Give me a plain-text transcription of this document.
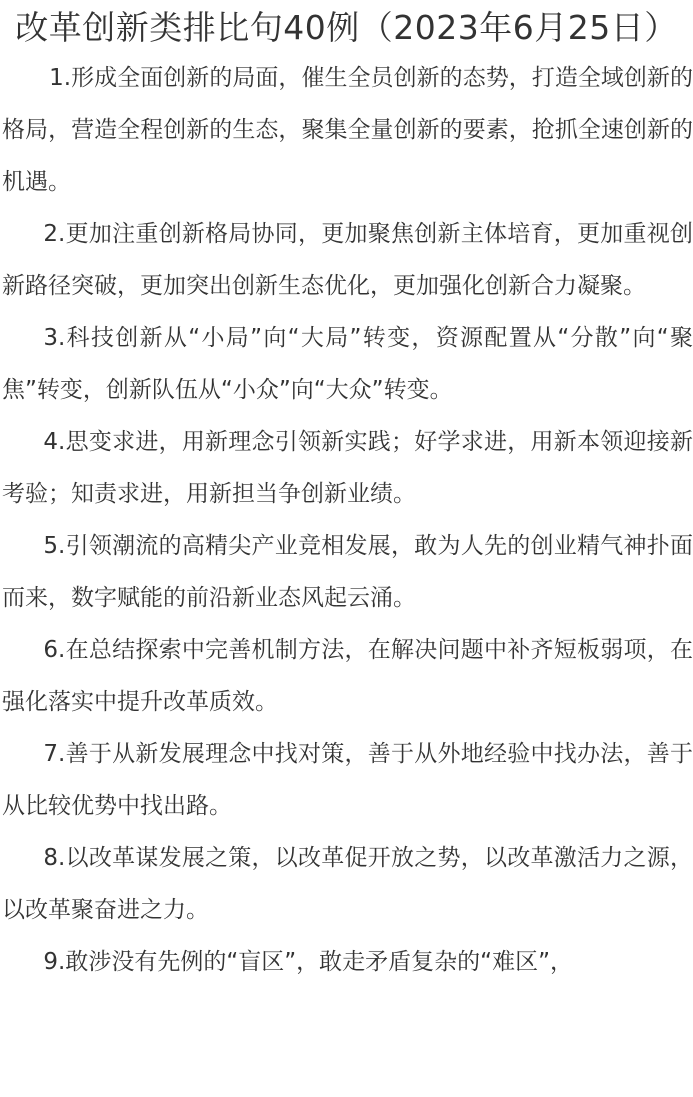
改革创新类排比句40例（2023年6月25日）

1.形成全面创新的局面，催生全员创新的态势，打造全域创新的格局，营造全程创新的生态，聚集全量创新的要素，抢抓全速创新的机遇。

2.更加注重创新格局协同，更加聚焦创新主体培育，更加重视创新路径突破，更加突出创新生态优化，更加强化创新合力凝聚。

3.科技创新从“小局”向“大局”转变，资源配置从“分散”向“聚焦”转变，创新队伍从“小众”向“大众”转变。

4.思变求进，用新理念引领新实践；好学求进，用新本领迎接新考验；知责求进，用新担当争创新业绩。

5.引领潮流的高精尖产业竞相发展，敢为人先的创业精气神扑面而来，数字赋能的前沿新业态风起云涌。

6.在总结探索中完善机制方法，在解决问题中补齐短板弱项，在强化落实中提升改革质效。

7.善于从新发展理念中找对策，善于从外地经验中找办法，善于从比较优势中找出路。

8.以改革谋发展之策，以改革促开放之势，以改革激活力之源，以改革聚奋进之力。

9.敢涉没有先例的“盲区”，敢走矛盾复杂的“难区”，
